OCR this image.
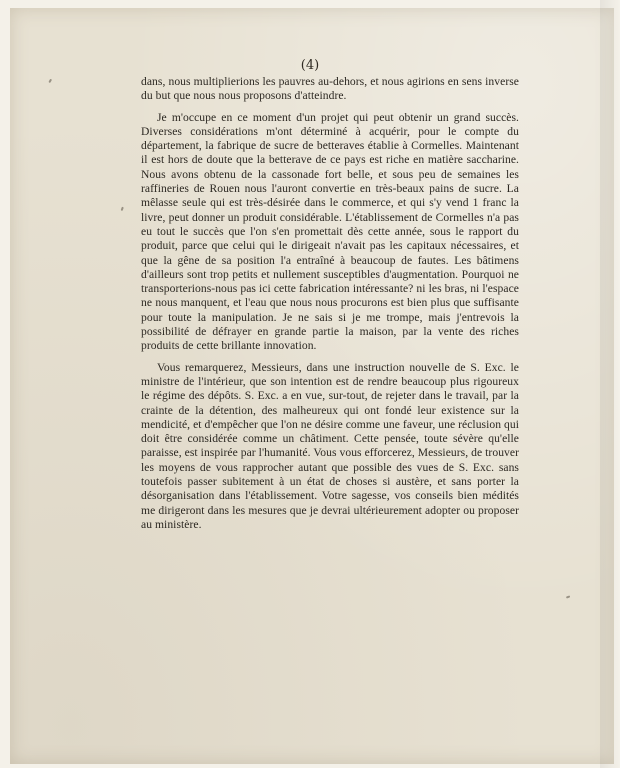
(4)

dans, nous multiplierions les pauvres au-dehors, et nous agirions en sens inverse du but que nous nous proposons d'atteindre.

Je m'occupe en ce moment d'un projet qui peut obtenir un grand succès. Diverses considérations m'ont déterminé à acquérir, pour le compte du département, la fabrique de sucre de betteraves établie à Cormelles. Maintenant il est hors de doute que la betterave de ce pays est riche en matière saccharine. Nous avons obtenu de la cassonade fort belle, et sous peu de semaines les raffineries de Rouen nous l'auront convertie en très-beaux pains de sucre. La mêlasse seule qui est très-désirée dans le commerce, et qui s'y vend 1 franc la livre, peut donner un produit considérable. L'établissement de Cormelles n'a pas eu tout le succès que l'on s'en promettait dès cette année, sous le rapport du produit, parce que celui qui le dirigeait n'avait pas les capitaux nécessaires, et que la gêne de sa position l'a entraîné à beaucoup de fautes. Les bâtimens d'ailleurs sont trop petits et nullement susceptibles d'augmentation. Pourquoi ne transporterions-nous pas ici cette fabrication intéressante? ni les bras, ni l'espace ne nous manquent, et l'eau que nous nous procurons est bien plus que suffisante pour toute la manipulation. Je ne sais si je me trompe, mais j'entrevois la possibilité de défrayer en grande partie la maison, par la vente des riches produits de cette brillante innovation.

Vous remarquerez, Messieurs, dans une instruction nouvelle de S. Exc. le ministre de l'intérieur, que son intention est de rendre beaucoup plus rigoureux le régime des dépôts. S. Exc. a en vue, sur-tout, de rejeter dans le travail, par la crainte de la détention, des malheureux qui ont fondé leur existence sur la mendicité, et d'empêcher que l'on ne désire comme une faveur, une réclusion qui doit être considérée comme un châtiment. Cette pensée, toute sévère qu'elle paraisse, est inspirée par l'humanité. Vous vous efforcerez, Messieurs, de trouver les moyens de vous rapprocher autant que possible des vues de S. Exc. sans toutefois passer subitement à un état de choses si austère, et sans porter la désorganisation dans l'établissement. Votre sagesse, vos conseils bien médités me dirigeront dans les mesures que je devrai ultérieurement adopter ou proposer au ministère.
